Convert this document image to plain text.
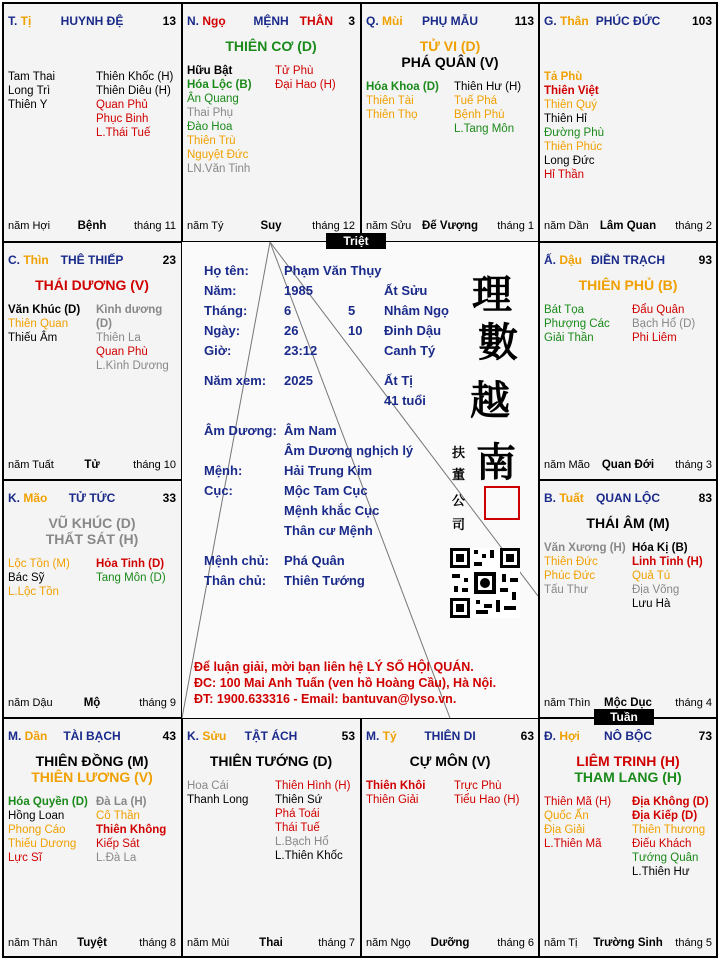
Triệt
Tuần
Họ tên:	Phạm Văn Thụy
Năm:	1985	Ất Sửu
Tháng:	6	5 Nhâm Ngọ
Ngày:	26	10 Đinh Dậu
Giờ:	23:12	Canh Tý
Năm xem: 2025	Ất Tị
41 tuổi
Âm Dương: Âm Nam
Âm Dương nghịch lý
Mệnh:	Hải Trung Kim
Cục:	Mộc Tam Cục
Mệnh khắc Cục
Thân cư Mệnh
Mệnh chủ: Phá Quân
Thân chủ: Thiên Tướng
Để luận giải, mời bạn liên hệ LÝ SỐ HỘI QUÁN.
ĐC: 100 Mai Anh Tuấn (ven hồ Hoàng Cầu), Hà Nội.
ĐT: 1900.633316 - Email: bantuvan@lyso.vn.
理
數
越
南
扶
董
公
司
HUYNH ĐỆ
T. Tị	13
Tam Thai
Long Trì
Thiên Y
Thiên Khốc (H)
Thiên Diêu (H)
Quan Phủ
Phục Binh
L.Thái Tuế
Bệnh
năm Hợi	tháng 11
MỆNH
N. Ngọ	THÂN 3
THIÊN CƠ (D)
Hữu Bật
Hóa Lộc (B)
Ân Quang
Thai Phụ
Đào Hoa
Thiên Trù
Nguyệt Đức
LN.Văn Tinh
Tử Phù
Đại Hao (H)
Suy
năm Tý	tháng 12
PHỤ MẪU
Q. Mùi	113
TỬ VI (D)
PHÁ QUÂN (V)
Hóa Khoa (D)
Thiên Tài
Thiên Thọ
Thiên Hư (H)
Tuế Phá
Bệnh Phù
L.Tang Môn
Đế Vượng
năm Sửu	tháng 1
PHÚC ĐỨC
G. Thân	103
Tả Phù
Thiên Việt
Thiên Quý
Thiên Hỉ
Đường Phù
Thiên Phúc
Long Đức
Hỉ Thần
Lâm Quan
năm Dần	tháng 2
THÊ THIẾP
C. Thìn	23
THÁI DƯƠNG (V)
Văn Khúc (D)
Thiên Quan
Thiếu Âm
Kình dương (D)
Thiên La
Quan Phù
L.Kình Dương
Tử
năm Tuất	tháng 10
ĐIỀN TRẠCH
Ấ. Dậu	93
THIÊN PHỦ (B)
Bát Tọa
Phượng Các
Giải Thần
Đẩu Quân
Bạch Hổ (D)
Phi Liêm
Quan Đới
năm Mão	tháng 3
TỬ TỨC
K. Mão	33
VŨ KHÚC (D)
THẤT SÁT (H)
Lộc Tồn (M)
Bác Sỹ
L.Lộc Tồn
Hỏa Tinh (D)
Tang Môn (D)
Mộ
năm Dậu	tháng 9
QUAN LỘC
B. Tuất	83
THÁI ÂM (M)
Văn Xương (H)
Thiên Đức
Phúc Đức
Tấu Thư
Hóa Kị (B)
Linh Tinh (H)
Quả Tú
Địa Võng
Lưu Hà
Mộc Dục
năm Thìn	tháng 4
TÀI BẠCH
M. Dần	43
THIÊN ĐỒNG (M)
THIÊN LƯƠNG (V)
Hóa Quyền (D)
Hồng Loan
Phong Cáo
Thiếu Dương
Lực Sĩ
Đà La (H)
Cô Thần
Thiên Không
Kiếp Sát
L.Đà La
Tuyệt
năm Thân	tháng 8
TẬT ÁCH
K. Sửu	53
THIÊN TƯỚNG (D)
Hoa Cái
Thanh Long
Thiên Hình (H)
Thiên Sứ
Phá Toái
Thái Tuế
L.Bạch Hổ
L.Thiên Khốc
Thai
năm Mùi	tháng 7
THIÊN DI
M. Tý	63
CỰ MÔN (V)
Thiên Khôi
Thiên Giải
Trực Phù
Tiểu Hao (H)
Dưỡng
năm Ngọ	tháng 6
NÔ BỘC
Đ. Hợi	73
LIÊM TRINH (H)
THAM LANG (H)
Thiên Mã (H)
Quốc Ấn
Địa Giải
L.Thiên Mã
Địa Không (D)
Địa Kiếp (D)
Thiên Thương
Điếu Khách
Tướng Quân
L.Thiên Hư
Trường Sinh
năm Tị	tháng 5
